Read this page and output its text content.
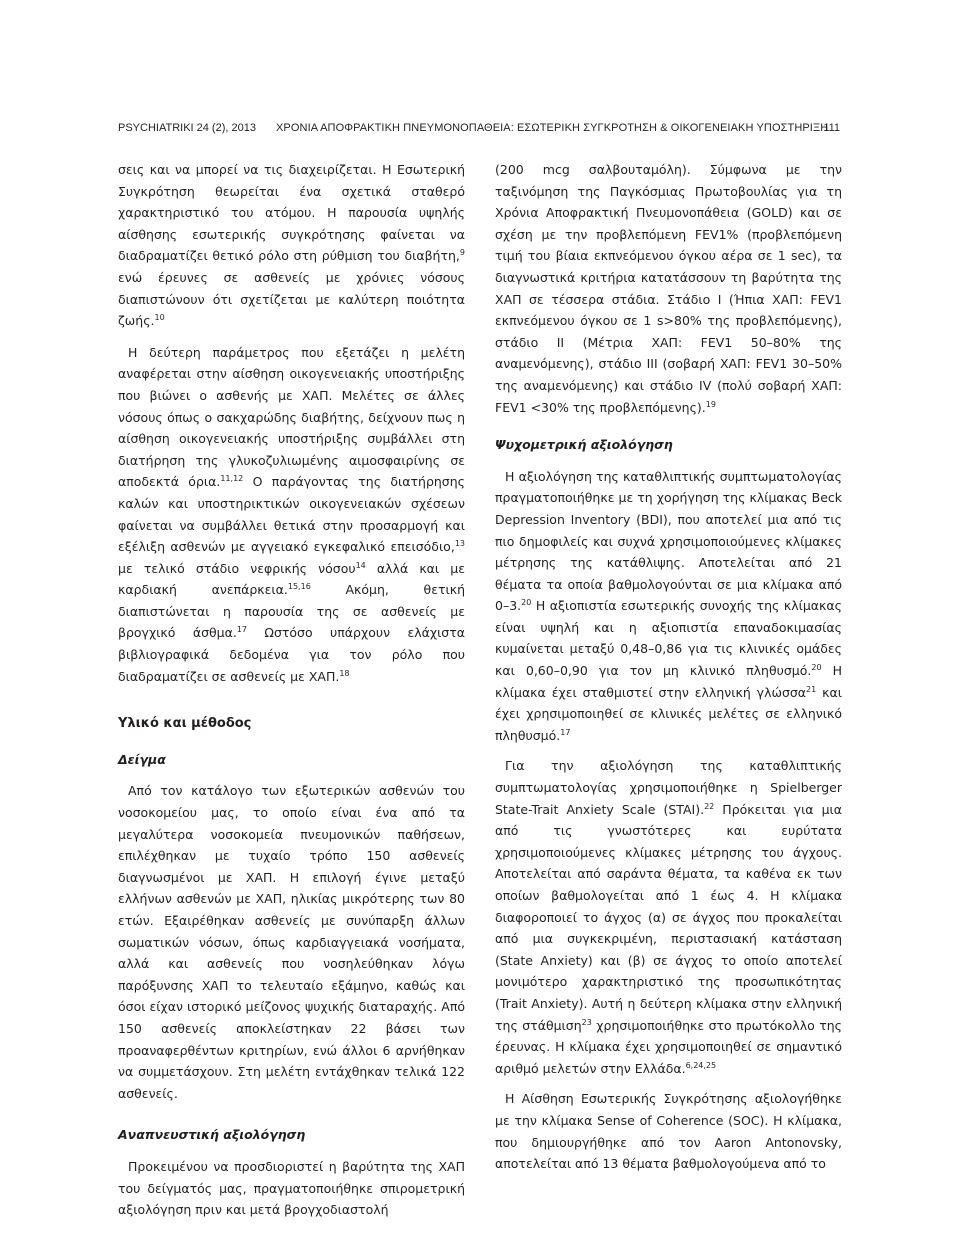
PSYCHIATRIKI 24 (2), 2013 ΧΡΟΝΙΑ ΑΠΟΦΡΑΚΤΙΚΗ ΠΝΕΥΜΟΝΟΠΑΘΕΙΑ: ΕΣΩΤΕΡΙΚΗ ΣΥΓΚΡΟΤΗΣΗ & ΟΙΚΟΓΕΝΕΙΑΚΗ ΥΠΟΣΤΗΡΙΞΗ
111

σεις και να μπορεί να τις διαχειρίζεται. Η Εσωτερική Συγκρότηση θεωρείται ένα σχετικά σταθερό χαρακτηριστικό του ατόμου. Η παρουσία υψηλής αίσθησης εσωτερικής συγκρότησης φαίνεται να διαδραματίζει θετικό ρόλο στη ρύθμιση του διαβήτη,$^9$ ενώ έρευνες σε ασθενείς με χρόνιες νόσους διαπιστώνουν ότι σχετίζεται με καλύτερη ποιότητα ζωής.$^{10}$

Η δεύτερη παράμετρος που εξετάζει η μελέτη αναφέρεται στην αίσθηση οικογενειακής υποστήριξης που βιώνει ο ασθενής με ΧΑΠ. Μελέτες σε άλλες νόσους όπως ο σακχαρώδης διαβήτης, δείχνουν πως η αίσθηση οικογενειακής υποστήριξης συμβάλλει στη διατήρηση της γλυκοζυλιωμένης αιμοσφαιρίνης σε αποδεκτά όρια.$^{11,12}$ Ο παράγοντας της διατήρησης καλών και υποστηρικτικών οικογενειακών σχέσεων φαίνεται να συμβάλλει θετικά στην προσαρμογή και εξέλιξη ασθενών με αγγειακό εγκεφαλικό επεισόδιο,$^{13}$ με τελικό στάδιο νεφρικής νόσου$^{14}$ αλλά και με καρδιακή ανεπάρκεια.$^{15,16}$ Ακόμη, θετική διαπιστώνεται η παρουσία της σε ασθενείς με βρογχικό άσθμα.$^{17}$ Ωστόσο υπάρχουν ελάχιστα βιβλιογραφικά δεδομένα για τον ρόλο που διαδραματίζει σε ασθενείς με ΧΑΠ.$^{18}$

Υλικό και μέθοδος
Δείγμα

Από τον κατάλογο των εξωτερικών ασθενών του νοσοκομείου μας, το οποίο είναι ένα από τα μεγαλύτερα νοσοκομεία πνευμονικών παθήσεων, επιλέχθηκαν με τυχαίο τρόπο 150 ασθενείς διαγνωσμένοι με ΧΑΠ. Η επιλογή έγινε μεταξύ ελλήνων ασθενών με ΧΑΠ, ηλικίας μικρότερης των 80 ετών. Εξαιρέθηκαν ασθενείς με συνύπαρξη άλλων σωματικών νόσων, όπως καρδιαγγειακά νοσήματα, αλλά και ασθενείς που νοσηλεύθηκαν λόγω παρόξυνσης ΧΑΠ το τελευταίο εξάμηνο, καθώς και όσοι είχαν ιστορικό μείζονος ψυχικής διαταραχής. Από 150 ασθενείς αποκλείστηκαν 22 βάσει των προαναφερθέντων κριτηρίων, ενώ άλλοι 6 αρνήθηκαν να συμμετάσχουν. Στη μελέτη εντάχθηκαν τελικά 122 ασθενείς.

Αναπνευστική αξιολόγηση

Προκειμένου να προσδιοριστεί η βαρύτητα της ΧΑΠ του δείγματός μας, πραγματοποιήθηκε σπιρομετρική αξιολόγηση πριν και μετά βρογχοδιαστολή

(200 mcg σαλβουταμόλη). Σύμφωνα με την ταξινόμηση της Παγκόσμιας Πρωτοβουλίας για τη Χρόνια Αποφρακτική Πνευμονοπάθεια (GOLD) και σε σχέση με την προβλεπόμενη FEV1% (προβλεπόμενη τιμή του βίαια εκπνεόμενου όγκου αέρα σε 1 sec), τα διαγνωστικά κριτήρια κατατάσσουν τη βαρύτητα της ΧΑΠ σε τέσσερα στάδια. Στάδιο Ι (Ήπια ΧΑΠ: FEV1 εκπνεόμενου όγκου σε 1 s>80% της προβλεπόμενης), στάδιο ΙΙ (Μέτρια ΧΑΠ: FEV1 50–80% της αναμενόμενης), στάδιο ΙΙΙ (σοβαρή ΧΑΠ: FEV1 30–50% της αναμενόμενης) και στάδιο IV (πολύ σοβαρή ΧΑΠ: FEV1 <30% της προβλεπόμενης).$^{19}$

Ψυχομετρική αξιολόγηση

Η αξιολόγηση της καταθλιπτικής συμπτωματολογίας πραγματοποιήθηκε με τη χορήγηση της κλίμακας Beck Depression Inventory (BDI), που αποτελεί μια από τις πιο δημοφιλείς και συχνά χρησιμοποιούμενες κλίμακες μέτρησης της κατάθλιψης. Αποτελείται από 21 θέματα τα οποία βαθμολογούνται σε μια κλίμακα από 0–3.20 Η αξιοπιστία εσωτερικής συνοχής της κλίμακας είναι υψηλή και η αξιοπιστία επαναδοκιμασίας κυμαίνεται μεταξύ 0,48–0,86 για τις κλινικές ομάδες και 0,60–0,90 για τον μη κλινικό πληθυσμό.$^{20}$ Η κλίμακα έχει σταθμιστεί στην ελληνική γλώσσα$^{21}$ και έχει χρησιμοποιηθεί σε κλινικές μελέτες σε ελληνικό πληθυσμό.$^{17}$

Για την αξιολόγηση της καταθλιπτικής συμπτωματολογίας χρησιμοποιήθηκε η Spielberger State-Trait Anxiety Scale (STAI).$^{22}$ Πρόκειται για μια από τις γνωστότερες και ευρύτατα χρησιμοποιούμενες κλίμακες μέτρησης του άγχους. Αποτελείται από σαράντα θέματα, τα καθένα εκ των οποίων βαθμολογείται από 1 έως 4. Η κλίμακα διαφοροποιεί το άγχος (α) σε άγχος που προκαλείται από μια συγκεκριμένη, περιστασιακή κατάσταση (State Anxiety) και (β) σε άγχος το οποίο αποτελεί μονιμότερο χαρακτηριστικό της προσωπικότητας (Trait Anxiety). Αυτή η δεύτερη κλίμακα στην ελληνική της στάθμιση$^{23}$ χρησιμοποιήθηκε στο πρωτόκολλο της έρευνας. Η κλίμακα έχει χρησιμοποιηθεί σε σημαντικό αριθμό μελετών στην Ελλάδα.$^{6,24,25}$

Η Αίσθηση Εσωτερικής Συγκρότησης αξιολογήθηκε με την κλίμακα Sense of Coherence (SOC). Η κλίμακα, που δημιουργήθηκε από τον Aaron Antonovsky, αποτελείται από 13 θέματα βαθμολογούμενα από το
